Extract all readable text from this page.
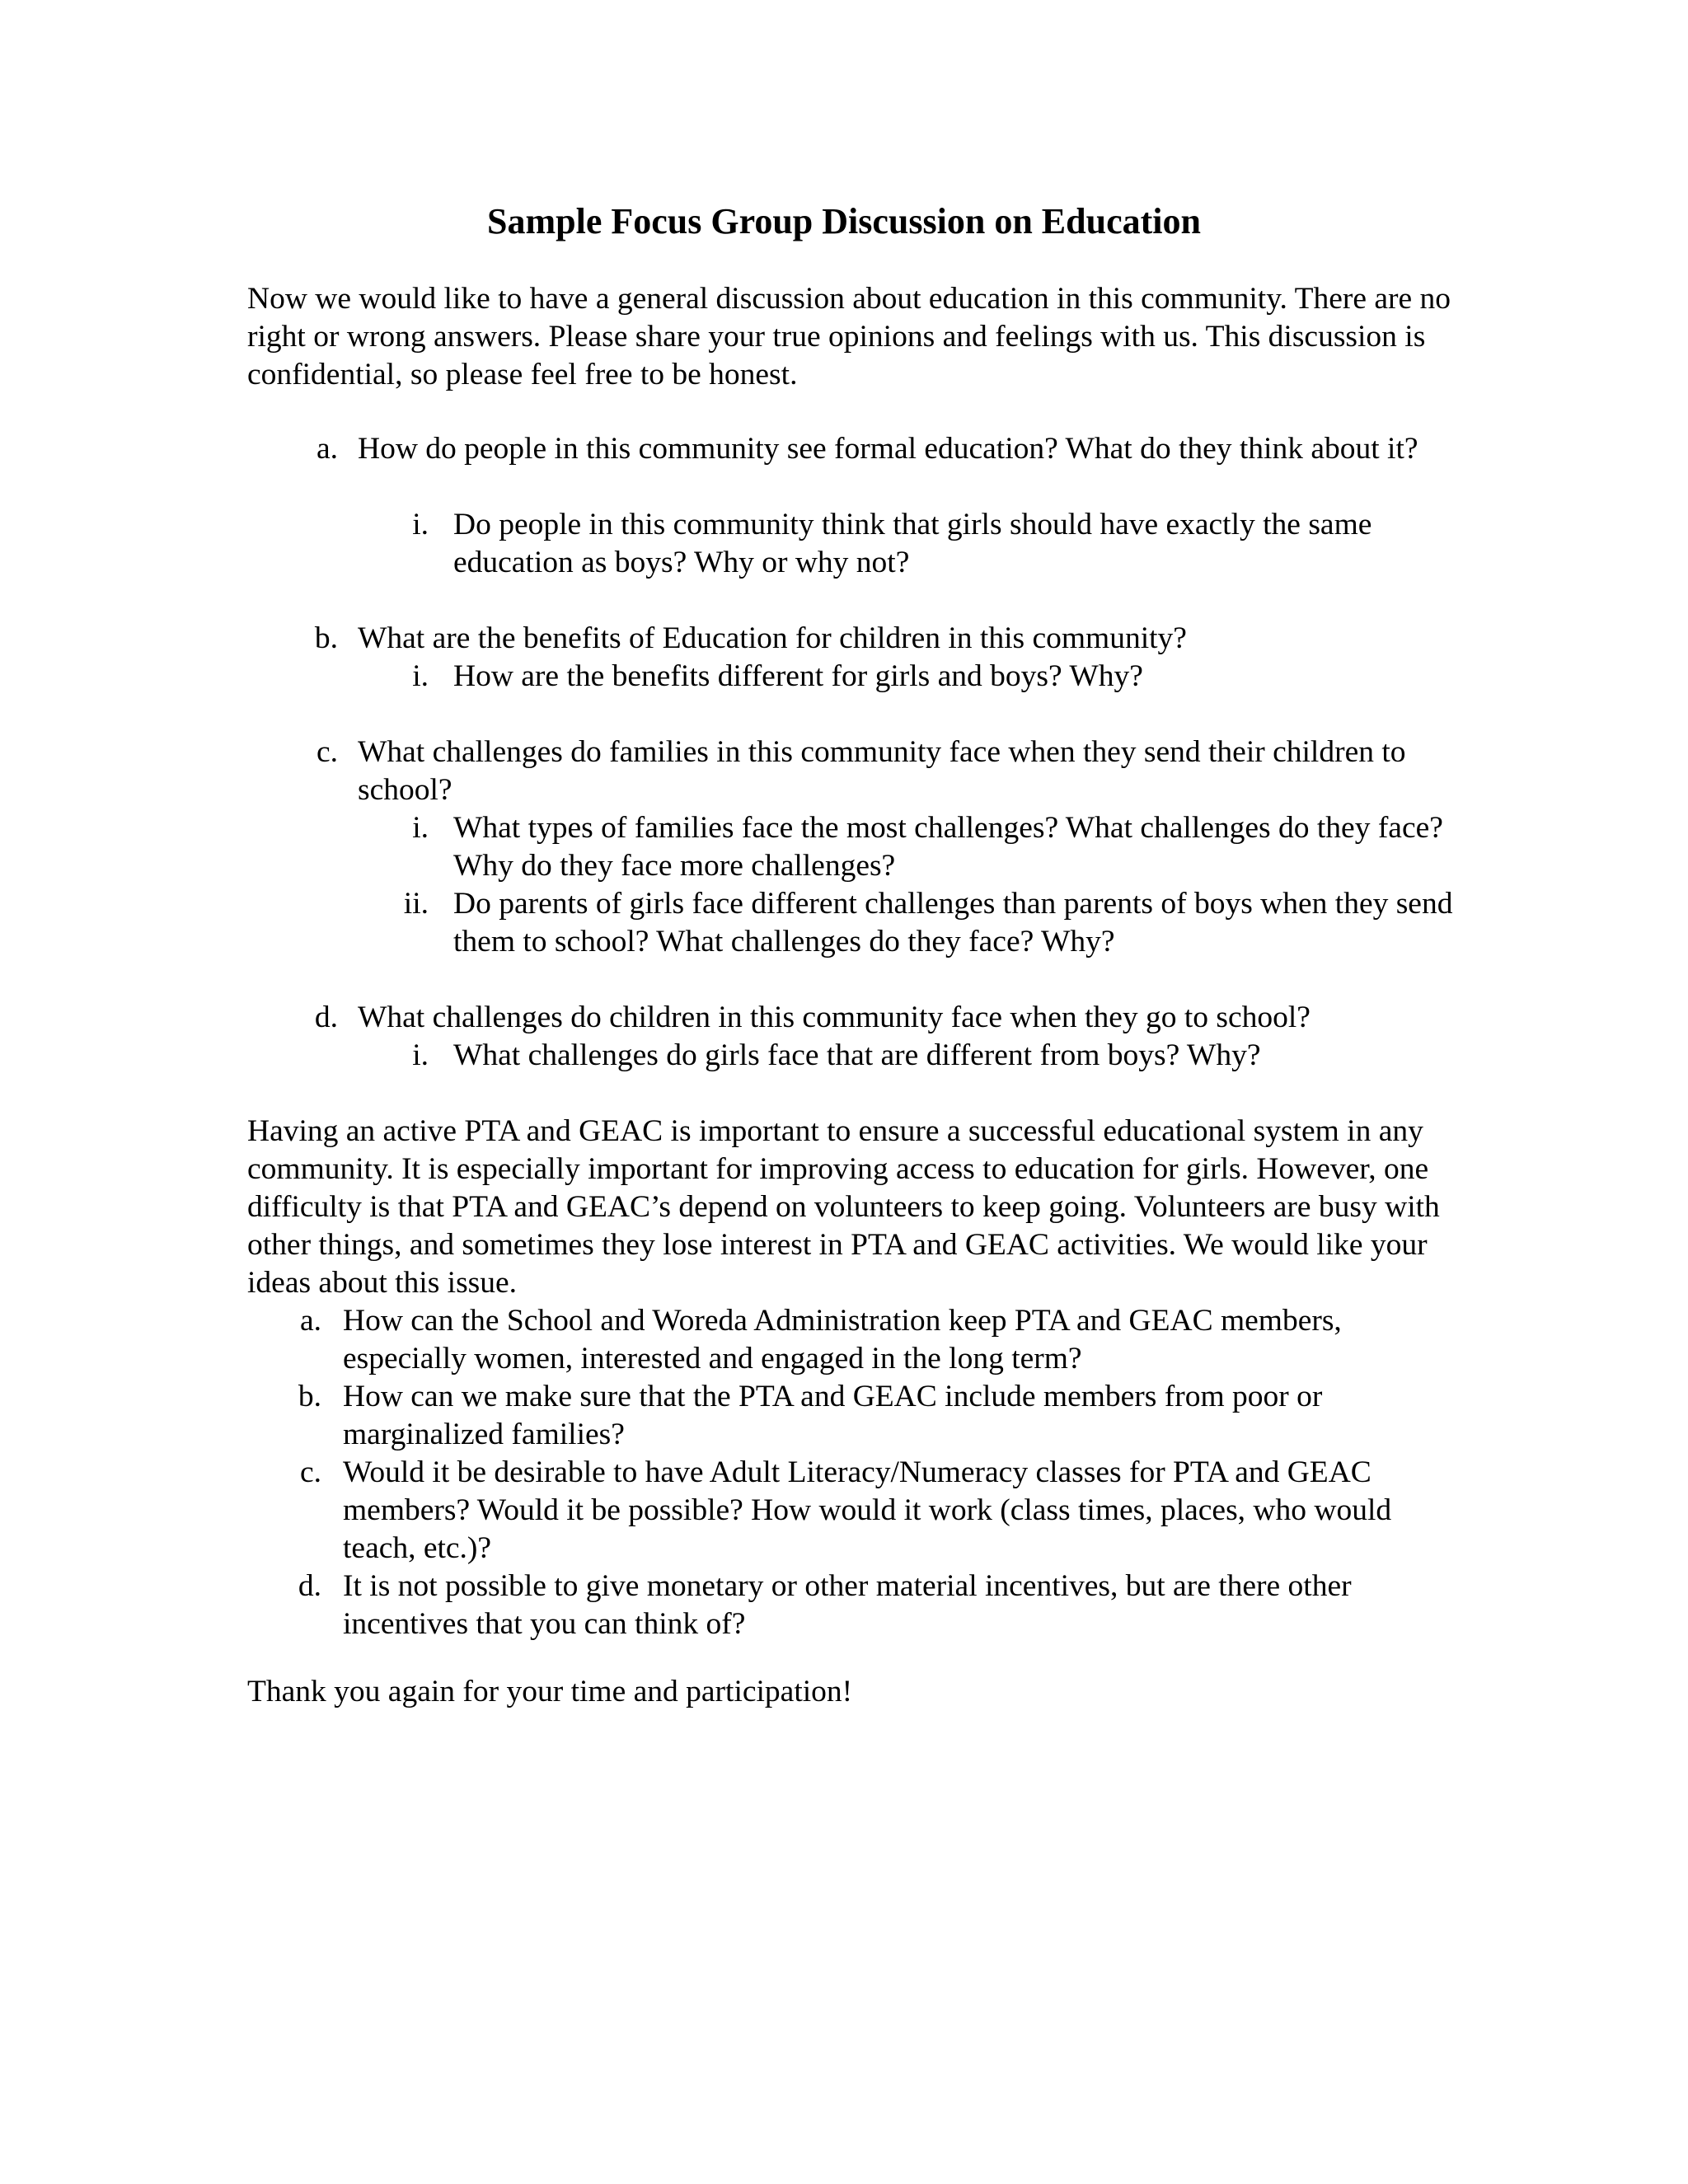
Sample Focus Group Discussion on Education

Now we would like to have a general discussion about education in this community. There are no right or wrong answers. Please share your true opinions and feelings with us. This discussion is confidential, so please feel free to be honest.

a. How do people in this community see formal education? What do they think about it?
i. Do people in this community think that girls should have exactly the same education as boys? Why or why not?
b. What are the benefits of Education for children in this community?
i. How are the benefits different for girls and boys? Why?
c. What challenges do families in this community face when they send their children to school?
i. What types of families face the most challenges? What challenges do they face? Why do they face more challenges?
ii. Do parents of girls face different challenges than parents of boys when they send them to school? What challenges do they face? Why?
d. What challenges do children in this community face when they go to school?
i. What challenges do girls face that are different from boys? Why?

Having an active PTA and GEAC is important to ensure a successful educational system in any community. It is especially important for improving access to education for girls. However, one difficulty is that PTA and GEAC’s depend on volunteers to keep going. Volunteers are busy with other things, and sometimes they lose interest in PTA and GEAC activities. We would like your ideas about this issue.

a. How can the School and Woreda Administration keep PTA and GEAC members, especially women, interested and engaged in the long term?
b. How can we make sure that the PTA and GEAC include members from poor or marginalized families?
c. Would it be desirable to have Adult Literacy/Numeracy classes for PTA and GEAC members? Would it be possible? How would it work (class times, places, who would teach, etc.)?
d. It is not possible to give monetary or other material incentives, but are there other incentives that you can think of?

Thank you again for your time and participation!
